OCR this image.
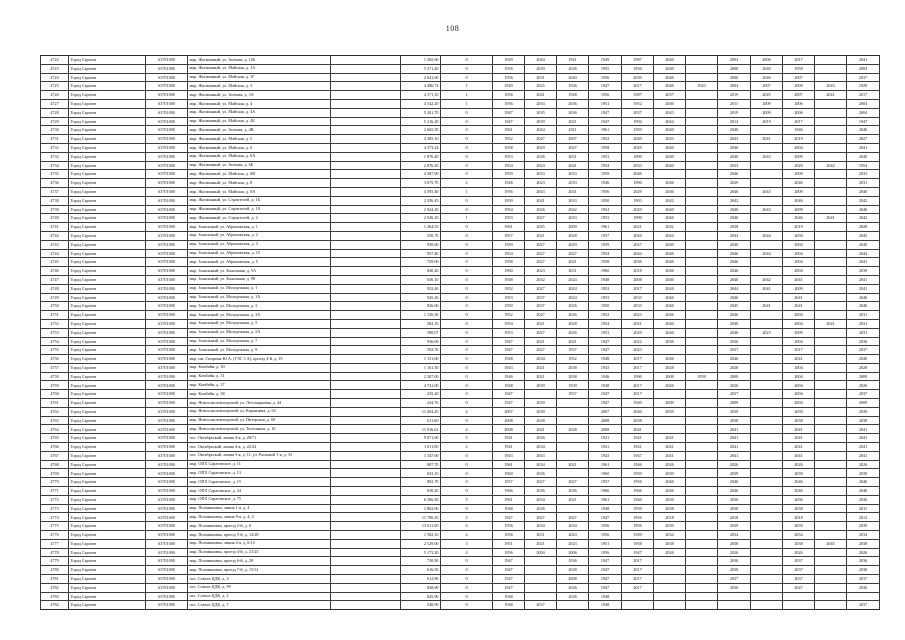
108
4722	Город Саратов	63701000	мкр. Жасминный, ул. Зеленая, д. 106		1 265,60	0	1949	2044	1941	1949	1987	2046		2004	2006	2017		2041
4723	Город Саратов	63701000	мкр. Жасминный, ул. Майская, д. 1А		5 371,20	0	1956	2039	2036	1955	1956	2040		2008	2040	1959		2004
4724	Город Саратов	63701000	мкр. Жасминный, ул. Майская, д. 1Г		2 641,60	0	1956	2031	2040	1956	2039	2046		2000	2046	2007		2037
4725	Город Саратов	63701000	мкр. Жасминный, ул. Майская, д. 3		4 486,74	1	1949	2025	1936	1947	2017	2046	1943	2004	2007	2009	2043	1929
4726	Город Саратов	63701000	мкр. Жасминный, ул. Зеленая, д. 3А		4 371,10	1	1956	2041	1948	1956	1987	2037		2019	2045	2007	2041	2017
4727	Город Саратов	63701000	мкр. Жасминный, ул. Майская, д. 4		4 542,20	1	1956	2034	2036	1951	1952	2040		2011	2009	2006		2004
4728	Город Саратов	63701000	мкр. Жасминный, ул. Майская, д. 4А		5 201,70	0	1947	2035	2036	1947	2037	2043		2019	2009	2006		2004
4729	Город Саратов	63701000	мкр. Жасминный, ул. Майская, д. 4Б		5 216,20	0	1947	2039	2021	1947	1994	2044		2014	2019	2017		1947
4730	Город Саратов	63701000	мкр. Жасминный, ул. Зеленая, д. 4В		2 665,50	0	1961	2044	2011	1961	1959	2040		2040		1946		2040
4731	Город Саратов	63701000	мкр. Жасминный, ул. Майская, д. 5		4 385,10	0	1952	2027	2007	1952	2040	2043		2043	2041	2019		2027
4732	Город Саратов	63701000	мкр. Жасминный, ул. Майская, д. 6		4 373,24	0	1958	2029	2027	1958	2029	2046		2046		2004		2041
4733	Город Саратов	63701000	мкр. Жасминный, ул. Майская, д. 6А		1 876,40	0	1953	2036	2031	1953	1990	2040		2040	2043	2009		2040
4734	Город Саратов	63701000	мкр. Жасминный, ул. Зеленая, д. 6Б		2 876,20	0	1954	2024	2041	1954	2033	2040		2033		2020	2042	1954
4735	Город Саратов	63701000	мкр. Жасминный, ул. Майская, д. 6В		4 387,90	0	1959	2033	2033	1959	2046			2046		2009		2033
4736	Город Саратов	63701000	мкр. Жасминный, ул. Майская, д. 8		3 675,70	2	1946	2023	2033	1946	1990	2046		2029		2046		2031
4737	Город Саратов	63701000	мкр. Жасминный, ул. Майская, д. 8А		4 595,40	1	1956	2043	2041	1956	2029	2046		2046	2043	2009		2040
4738	Город Саратов	63701000	мкр. Жасминный, ул. Строителей, д. 1Б		2 356,45	0	1950	2041	2033	1950	1993	2042		2042		2046		2042
4739	Город Саратов	63701000	мкр. Жасминный, ул. Строителей, д. 18		2 924,20	0	1954	2026	2042	1954	2029	2040		2040	2043	2009		2040
4740	Город Саратов	63701000	мкр. Жасминный, ул. Строителей, д. 2		2 946,10	1	1953	2027	2033	1953	1990	2046		2046		2046	2041	2042
4741	Город Саратов	63701000	мкр. Зональный, ул. Абрамовская, д. 1		1 264,53	0	1961	2025	2009	1961	2021	2042		2038		2019		2028
4742	Город Саратов	63701000	мкр. Зональный, ул. Абрамовская, д. 2		550,70	0	1957	2021	2028	1957	2026	2044		2044	2044	2030		2045
4743	Город Саратов	63701000	мкр. Зональный, ул. Абрамовская, д. 3		930,60	0	1959	2027	2029	1959	2027	2040		2040		2004		2040
4744	Город Саратов	63701000	мкр. Зональный, ул. Абрамовская, д. 10		937,40	0	1954	2027	2027	1954	2044	2046		2046	2044	2004		2044
4745	Город Саратов	63701000	мкр. Зональный, ул. Абрамовская, д. 5		759,00	0	1958	2027	2021	1958	2036	2046		2046		2004		2041
4746	Город Саратов	63701000	мкр. Зональный, ул. Зональная, д. 5А		840,20	0	1960	2023	2031	1960	2018	2046		2046		2004		2039
4747	Город Саратов	63701000	мкр. Зональный, ул. Зональная, д. 98		636,10	0	1948	2042	2024	1948	2008	2040		2040	2042	2041		2041
4748	Город Саратов	63701000	мкр. Зональный, ул. Молодежная, д. 1		952,40	0	1952	2027	2024	1952	2017	2044		2044	2041	2009		2041
4749	Город Саратов	63701000	мкр. Зональный, ул. Молодежная, д. 1А		945,26	0	1953	2037	2024	1953	2033	2046		2046		2041		2040
4750	Город Саратов	63701000	мкр. Зональный, ул. Молодежная, д. 3		826,06	0	1950	2037	2026	1950	2033	2046		2045	2041	2041		2040
4751	Город Саратов	63701000	мкр. Зональный, ул. Молодежная, д. 3А		1 136,30	0	1952	2027	2026	1952	2023	2046		2046		2004		2031
4752	Город Саратов	63701000	мкр. Зональный, ул. Молодежная, д. 5		284,10	0	1954	2021	2028	1954	2021	2040		2040		2004	2041	2031
4753	Город Саратов	63701000	мкр. Зональный, ул. Молодежная, д. 5А		580,07	0	1953	2027	2026	1953	2029	2046		2046	2023	2009		2031
4754	Город Саратов	63701000	мкр. Зональный, ул. Молодежная, д. 7		936,06	0	1947	2021	2021	1947	2022	2036		2036		2004		2036
4755	Город Саратов	63701000	мкр. Зональный, ул. Молодежная, д. 9		592,76	0	1947	2027	1937	1947	2023			2037		2017		2037
4756	Город Саратов	63701000	мкр. им. Гагарина Ю.А. (ГЭС 3 А), проезд 4-й, д. 19		1 151,60	0	1948	2034	1952	1948	2017	2046		2046		2041		2040
4757	Город Саратов	63701000	мкр. Комбайн, д. 30		1 161,50	0	1943	2021	2038	1943	2017	2028		2028		2004		2028
4758	Город Саратов	63701000	мкр. Комбайн, д. 31		2 307,00	0	1946	2021	2038	1946	1990	2009	1959	2009		2004		2009
4759	Город Саратов	63701000	мкр. Комбайн, д. 37		4 741,00	0	1948	2039	1939	1948	2017	2026		2026		2004		2026
4760	Город Саратов	63701000	мкр. Комбайн, д. 38		235,20	0	1947		1937	1947	2017			2037		2004		2037
4761	Город Саратов	63701000	мкр. Новосоколовогорский, ул. Лесопарковая, д. 44		234,76	0	1947	2039		1947	1940	2009		2009		2004		2009
4762	Город Саратов	63701000	мкр. Новосоколовогорский, ул. Карамзина, д. 62		11 604,20	4	2007	2039		2007	2040	2039		2039		2039		2039
4763	Город Саратов	63701000	мкр. Новосоколовогорский, ул. Питерская, д. 69		611,60	0	2008	2038		2008	2038			2038		2038		2038
4764	Город Саратов	63701000	мкр. Новосоколовогорский, ул. Тополиная, д. 16		11 916,62	4	2008	2041	2038	2008	2041			2041		2041		2041
4765	Город Саратов	63701000	пос. Октябрьский, линия 4-я, д. 28/71		9 071,60	5	1941	2036		1941	1941	2041		2041		2041		2041
4766	Город Саратов	63701000	пос. Октябрьский, линия 4-я, д. 22/24		1 011,00	2	1941	2034		1941	1941	2041		2041		2041		2041
4767	Город Саратов	63701000	пос. Октябрьский, линия 3-я, д. 11, ул. Расковой 1-я, д. 33		1 347,60	0	1943	2043		1943	1947	2041		2041		2041		2041
4768	Город Саратов	63701000	мкр. ОПХ Саратовское, д. 11		807,70	0	1961	2034	2021	1961	1946	2026		2026		2026		2026
4769	Город Саратов	63701000	мкр. ОПХ Саратовское, д. 13		652,10	0	1960	2036		1960	1959	2039		2039		2039		2039
4770	Город Саратов	63701000	мкр. ОПХ Саратовское, д. 15		892,70	0	1957	2027	2027	1957	1956	2046		2046		2046		2046
4771	Город Саратов	63701000	мкр. ОПХ Саратовское, д. 24		630,20	0	1966	2036	2036	1966	1966	2046		2046		2046		2046
4772	Город Саратов	63701000	мкр. ОПХ Саратовское, д. 75		6 366,50	5	1961	2034	2021	1961	1946	2036		2036		2036		2036
4773	Город Саратов	63701000	мкр. Поливановка, линия 1-я, д. 4		1 802,00	0	1948	2036		1948	1959	2038		2038		2038		2011
4774	Город Саратов	63701000	мкр. Поливановка, линия 9-я, д. 4; 2		11 700,30	3	1947	2027	2027	1947	1956	2018		2018		2018		2012
4775	Город Саратов	63701000	мкр. Поливановка, проезд 2-й, д. 6		13 611,00	6	1956	2034	2034	1956	1956	2039		2039		2039		2039
4776	Город Саратов	63701000	мкр. Поливановка, проезд 5-й, д. 14/28		1 582,10	4	1956	2031	2043	1956	1949	2034		2034		2034		2034
4777	Город Саратов	63701000	мкр. Поливановка, линия 2-я, д. 6/14		2 529,00	3	1951	2021	2023	1951	1958	2038		2038		2038	2045	2038
4778	Город Саратов	63701000	мкр. Поливановка, проезд 4-й, д. 21/23		5 173,20	4	1956	2004	2006	1956	1947	2026		2026		2026		2026
4779	Город Саратов	63701000	мкр. Поливановка, проезд 6-й, д. 28		730,90	0	1947		1936	1947	2017			2036		2037		2036
4780	Город Саратов	63701000	мкр. Поливановка, проезд 7-й, д. 15/31		616,50	0	1947		2038	1947	2017			2038		2037		2038
4781	Город Саратов	63701000	пос. Совхоз ЦДК, д. 4		612,80	0	1947		2008	1947	2017			2037		2037		2037
4782	Город Саратов	63701000	пос. Совхоз ЦДК, д. 99		848,90	0	1947		2036	1947	2017			2036		2047		2036
4783	Город Саратов	63701000	пос. Совхоз ЦДК, д. 2		845,90	0	1948		2036	1948								
4784	Город Саратов	63701000	пос. Совхоз ЦДК, д. 7		548,90	0	1948	2037		1948								2037
